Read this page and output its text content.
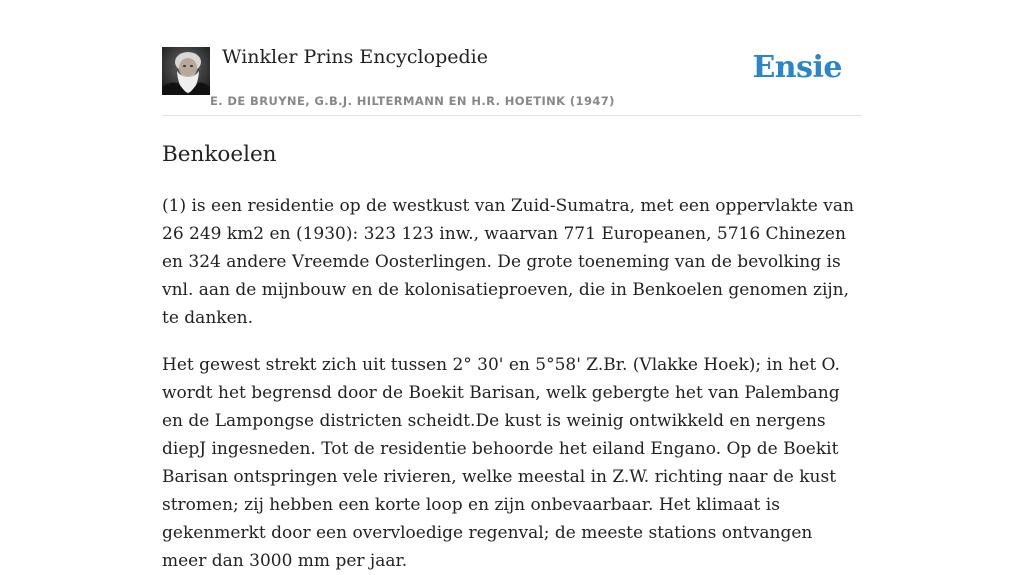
Winkler Prins Encyclopedie
E. DE BRUYNE, G.B.J. HILTERMANN EN H.R. HOETINK (1947)
Ensie
Benkoelen

(1) is een residentie op de westkust van Zuid-Sumatra, met een oppervlakte van 26 249 km2 en (1930): 323 123 inw., waarvan 771 Europeanen, 5716 Chinezen en 324 andere Vreemde Oosterlingen. De grote toeneming van de bevolking is vnl. aan de mijnbouw en de kolonisatieproeven, die in Benkoelen genomen zijn, te danken.

Het gewest strekt zich uit tussen 2° 30' en 5°58' Z.Br. (Vlakke Hoek); in het O. wordt het begrensd door de Boekit Barisan, welk gebergte het van Palembang en de Lampongse districten scheidt.De kust is weinig ontwikkeld en nergens diepJ ingesneden. Tot de residentie behoorde het eiland Engano. Op de Boekit Barisan ontspringen vele rivieren, welke meestal in Z.W. richting naar de kust stromen; zij hebben een korte loop en zijn onbevaarbaar. Het klimaat is gekenmerkt door een overvloedige regenval; de meeste stations ontvangen meer dan 3000 mm per jaar.
